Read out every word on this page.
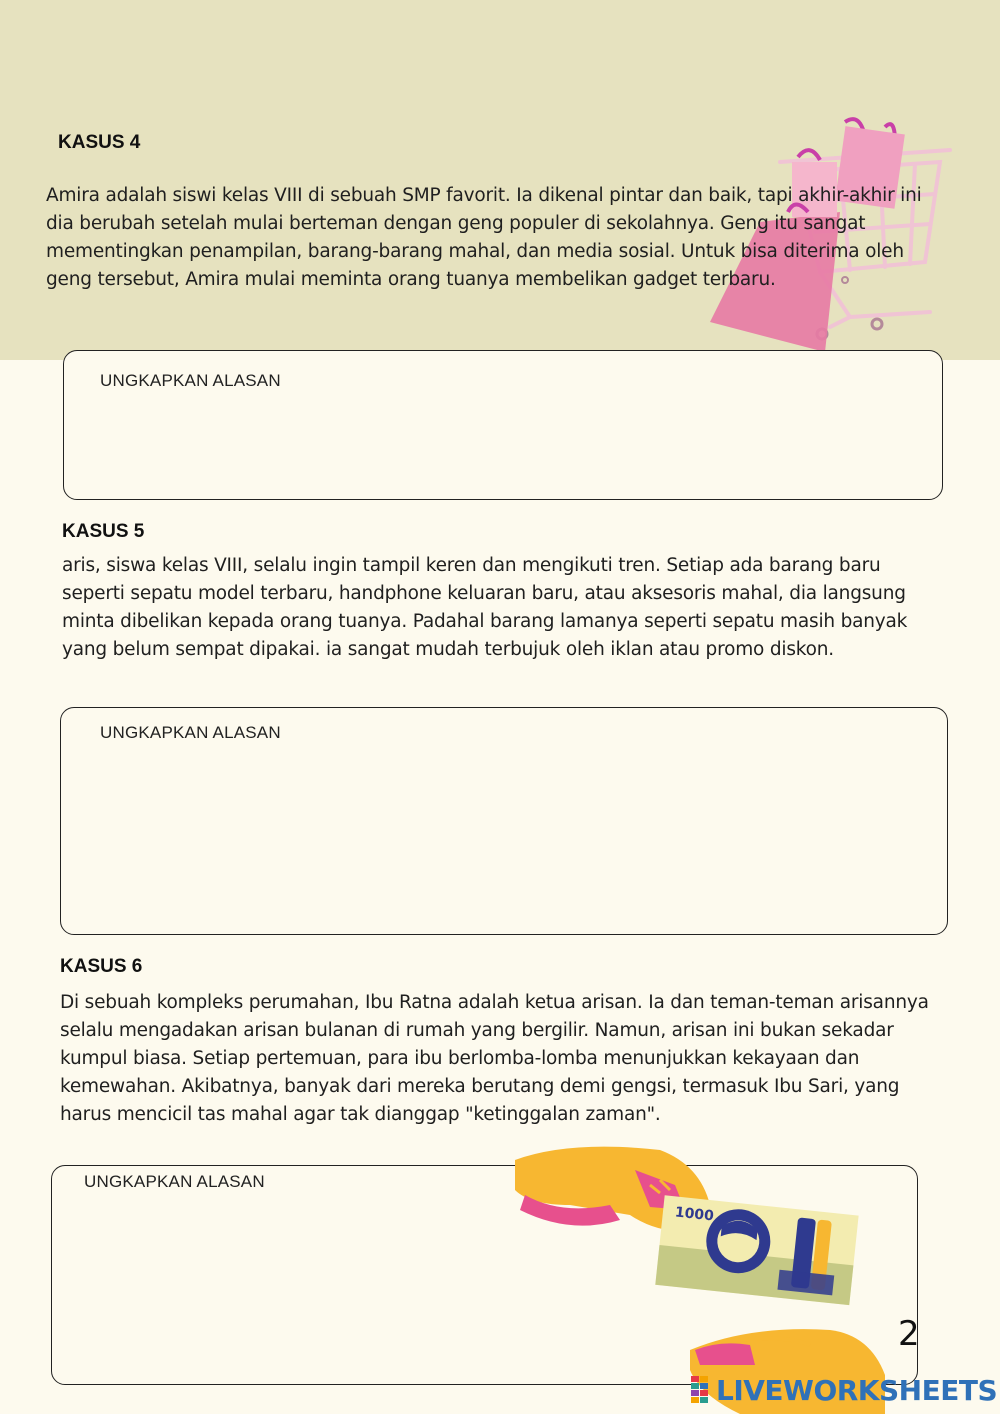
KASUS 4

Amira adalah siswi kelas VIII di sebuah SMP favorit. Ia dikenal pintar dan baik, tapi akhir-akhir ini dia berubah setelah mulai berteman dengan geng populer di sekolahnya. Geng itu sangat mementingkan penampilan, barang-barang mahal, dan media sosial. Untuk bisa diterima oleh geng tersebut, Amira mulai meminta orang tuanya membelikan gadget terbaru.

UNGKAPKAN ALASAN
KASUS 5

aris, siswa kelas VIII, selalu ingin tampil keren dan mengikuti tren. Setiap ada barang baru seperti sepatu model terbaru, handphone keluaran baru, atau aksesoris mahal, dia langsung minta dibelikan kepada orang tuanya. Padahal barang lamanya seperti sepatu masih banyak yang belum sempat dipakai. ia sangat mudah terbujuk oleh iklan atau promo diskon.

UNGKAPKAN ALASAN
KASUS 6

Di sebuah kompleks perumahan, Ibu Ratna adalah ketua arisan. Ia dan teman-teman arisannya selalu mengadakan arisan bulanan di rumah yang bergilir. Namun, arisan ini bukan sekadar kumpul biasa. Setiap pertemuan, para ibu berlomba-lomba menunjukkan kekayaan dan kemewahan. Akibatnya, banyak dari mereka berutang demi gengsi, termasuk Ibu Sari, yang harus mencicil tas mahal agar tak dianggap "ketinggalan zaman".

UNGKAPKAN ALASAN
1000
2
LIVEWORKSHEETS
